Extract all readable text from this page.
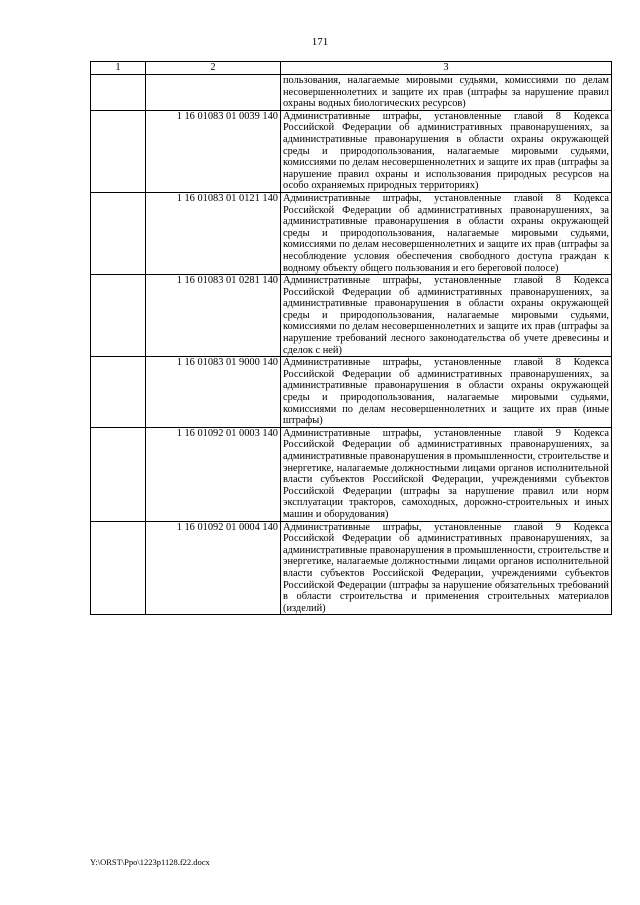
171
1	2	3
		пользования, налагаемые мировыми судьями, комиссиями по делам несовершеннолетних и защите их прав (штрафы за нарушение правил охраны водных биологических ресурсов)
	1 16 01083 01 0039 140	Административные штрафы, установленные главой 8 Кодекса Российской Федерации об административных правонарушениях, за административные правонарушения в области охраны окружающей среды и природопользования, налагаемые мировыми судьями, комиссиями по делам несовершеннолетних и защите их прав (штрафы за нарушение правил охраны и использования природных ресурсов на особо охраняемых природных территориях)
	1 16 01083 01 0121 140	Административные штрафы, установленные главой 8 Кодекса Российской Федерации об административных правонарушениях, за административные правонарушения в области охраны окружающей среды и природопользования, налагаемые мировыми судьями, комиссиями по делам несовершеннолетних и защите их прав (штрафы за несоблюдение условия обеспечения свободного доступа граждан к водному объекту общего пользования и его береговой полосе)
	1 16 01083 01 0281 140	Административные штрафы, установленные главой 8 Кодекса Российской Федерации об административных правонарушениях, за административные правонарушения в области охраны окружающей среды и природопользования, налагаемые мировыми судьями, комиссиями по делам несовершеннолетних и защите их прав (штрафы за нарушение требований лесного законодательства об учете древесины и сделок с ней)
	1 16 01083 01 9000 140	Административные штрафы, установленные главой 8 Кодекса Российской Федерации об административных правонарушениях, за административные правонарушения в области охраны окружающей среды и природопользования, налагаемые мировыми судьями, комиссиями по делам несовершеннолетних и защите их прав (иные штрафы)
	1 16 01092 01 0003 140	Административные штрафы, установленные главой 9 Кодекса Российской Федерации об административных правонарушениях, за административные правонарушения в промышленности, строительстве и энергетике, налагаемые должностными лицами органов исполнительной власти субъектов Российской Федерации, учреждениями субъектов Российской Федерации (штрафы за нарушение правил или норм эксплуатации тракторов, самоходных, дорожно-строительных и иных машин и оборудования)
	1 16 01092 01 0004 140	Административные штрафы, установленные главой 9 Кодекса Российской Федерации об административных правонарушениях, за административные правонарушения в промышленности, строительстве и энергетике, налагаемые должностными лицами органов исполнительной власти субъектов Российской Федерации, учреждениями субъектов Российской Федерации (штрафы за нарушение обязательных требований в области строительства и применения строительных материалов (изделий)
Y:\ORST\Ppo\1223p1128.f22.docx
